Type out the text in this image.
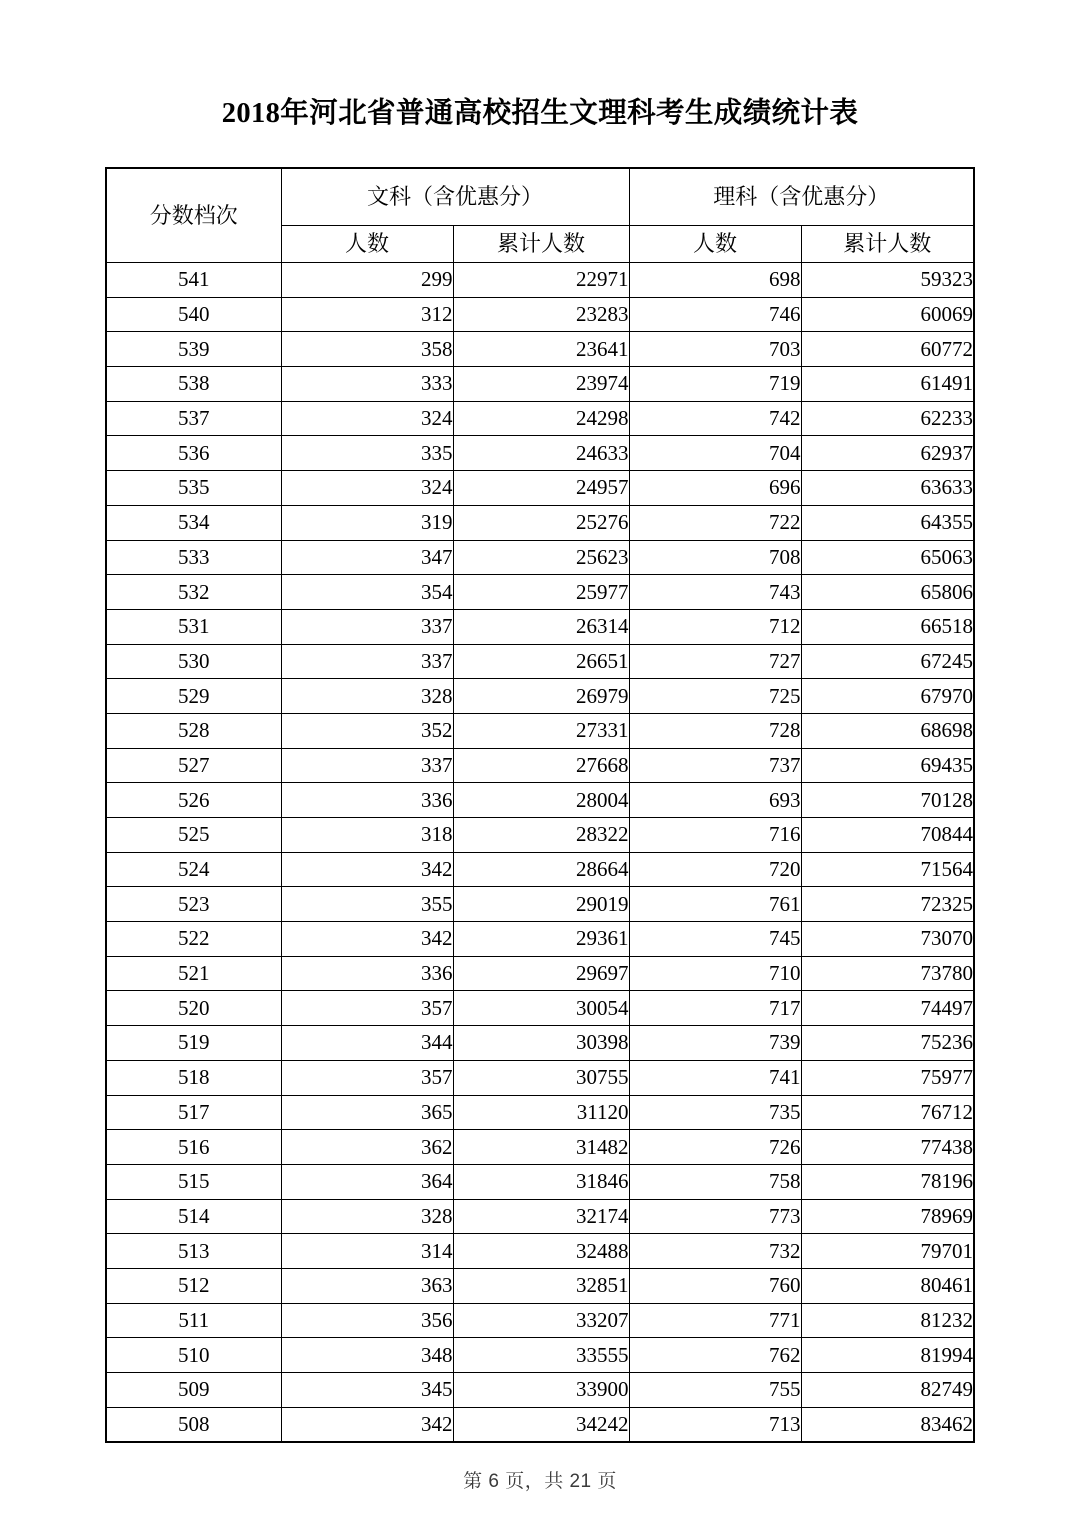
2018年河北省普通高校招生文理科考生成绩统计表
分数档次	文科（含优惠分）		理科（含优惠分）	
	人数	累计人数	人数	累计人数
541	299	22971	698	59323
540	312	23283	746	60069
539	358	23641	703	60772
538	333	23974	719	61491
537	324	24298	742	62233
536	335	24633	704	62937
535	324	24957	696	63633
534	319	25276	722	64355
533	347	25623	708	65063
532	354	25977	743	65806
531	337	26314	712	66518
530	337	26651	727	67245
529	328	26979	725	67970
528	352	27331	728	68698
527	337	27668	737	69435
526	336	28004	693	70128
525	318	28322	716	70844
524	342	28664	720	71564
523	355	29019	761	72325
522	342	29361	745	73070
521	336	29697	710	73780
520	357	30054	717	74497
519	344	30398	739	75236
518	357	30755	741	75977
517	365	31120	735	76712
516	362	31482	726	77438
515	364	31846	758	78196
514	328	32174	773	78969
513	314	32488	732	79701
512	363	32851	760	80461
511	356	33207	771	81232
510	348	33555	762	81994
509	345	33900	755	82749
508	342	34242	713	83462
第 6 页，共 21 页
